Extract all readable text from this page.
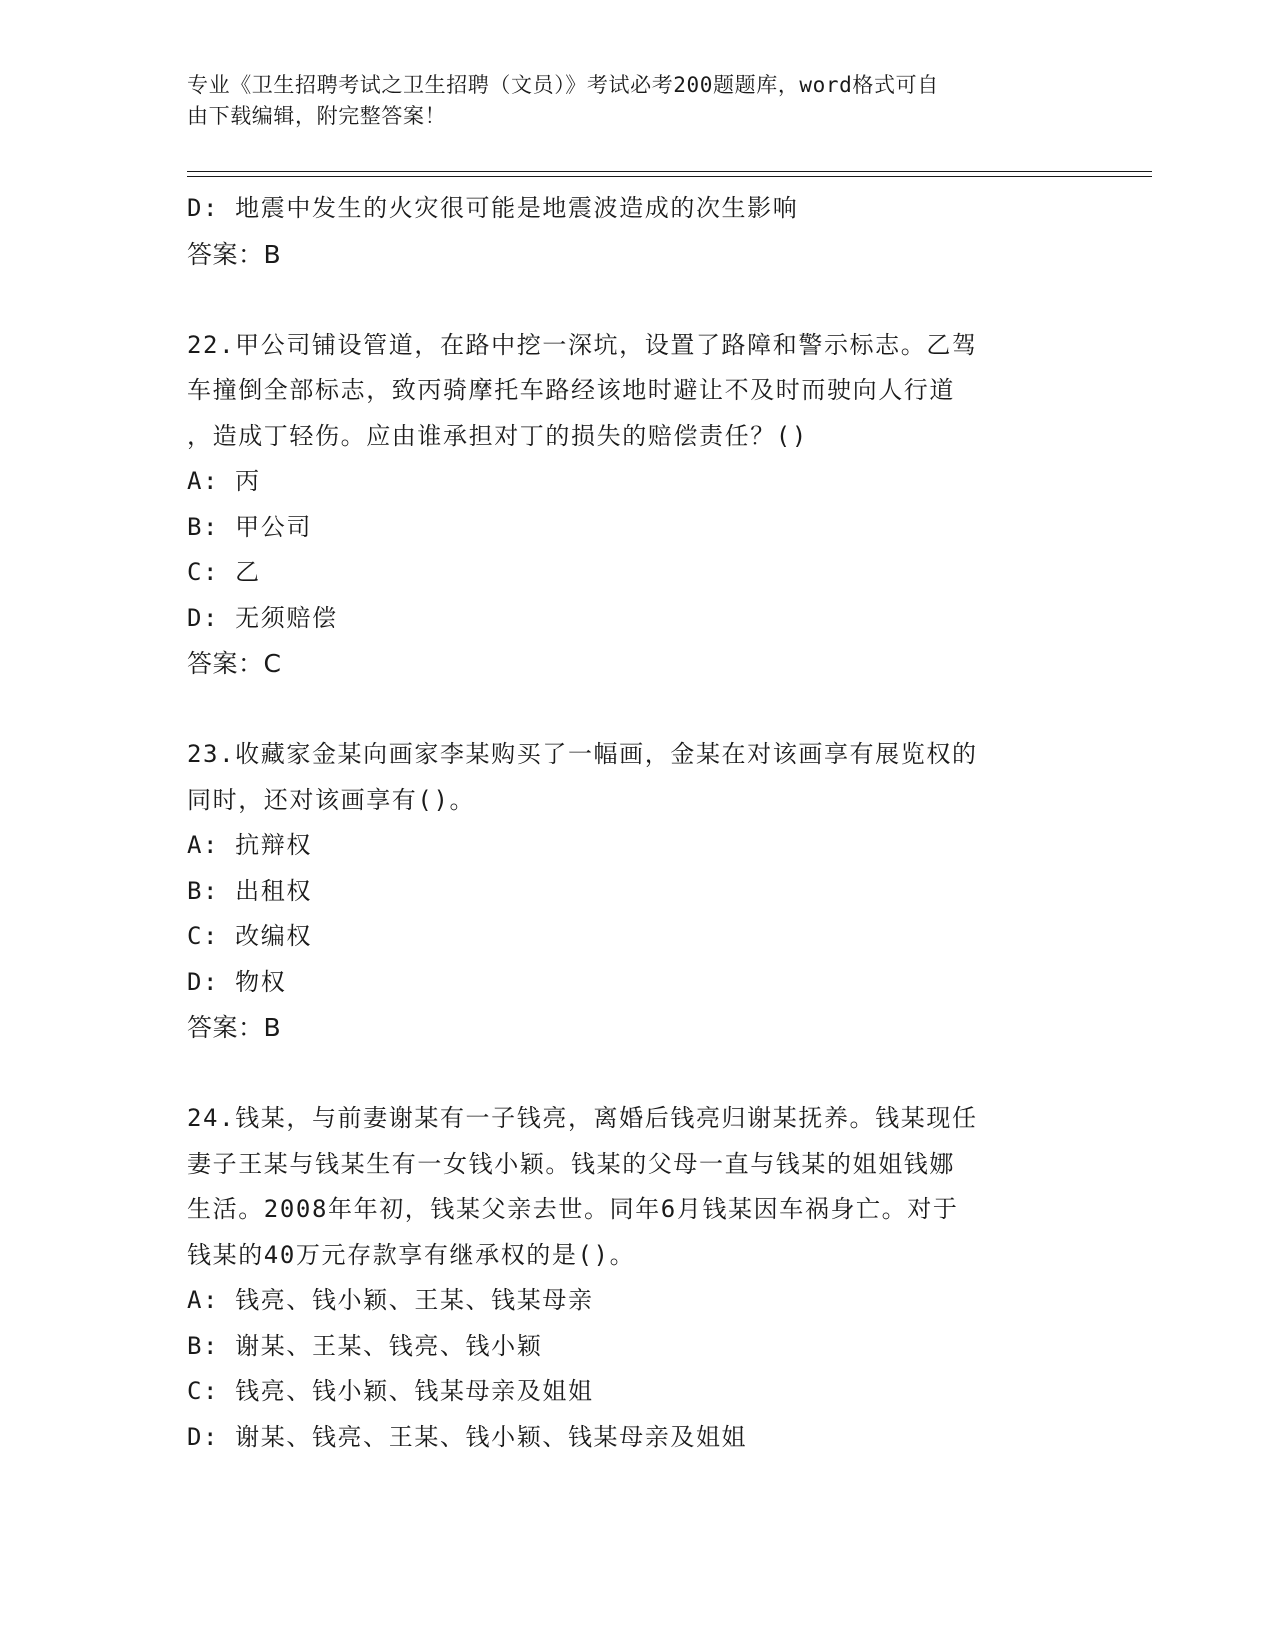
专业《卫生招聘考试之卫生招聘（文员）》考试必考200题题库，word格式可自
由下载编辑，附完整答案！
D: 地震中发生的火灾很可能是地震波造成的次生影响
答案：B
22.甲公司铺设管道，在路中挖一深坑，设置了路障和警示标志。乙驾
车撞倒全部标志，致丙骑摩托车路经该地时避让不及时而驶向人行道
，造成丁轻伤。应由谁承担对丁的损失的赔偿责任？()
A: 丙
B: 甲公司
C: 乙
D: 无须赔偿
答案：C
23.收藏家金某向画家李某购买了一幅画，金某在对该画享有展览权的
同时，还对该画享有()。
A: 抗辩权
B: 出租权
C: 改编权
D: 物权
答案：B
24.钱某，与前妻谢某有一子钱亮，离婚后钱亮归谢某抚养。钱某现任
妻子王某与钱某生有一女钱小颖。钱某的父母一直与钱某的姐姐钱娜
生活。2008年年初，钱某父亲去世。同年6月钱某因车祸身亡。对于
钱某的40万元存款享有继承权的是()。
A: 钱亮、钱小颖、王某、钱某母亲
B: 谢某、王某、钱亮、钱小颖
C: 钱亮、钱小颖、钱某母亲及姐姐
D: 谢某、钱亮、王某、钱小颖、钱某母亲及姐姐
